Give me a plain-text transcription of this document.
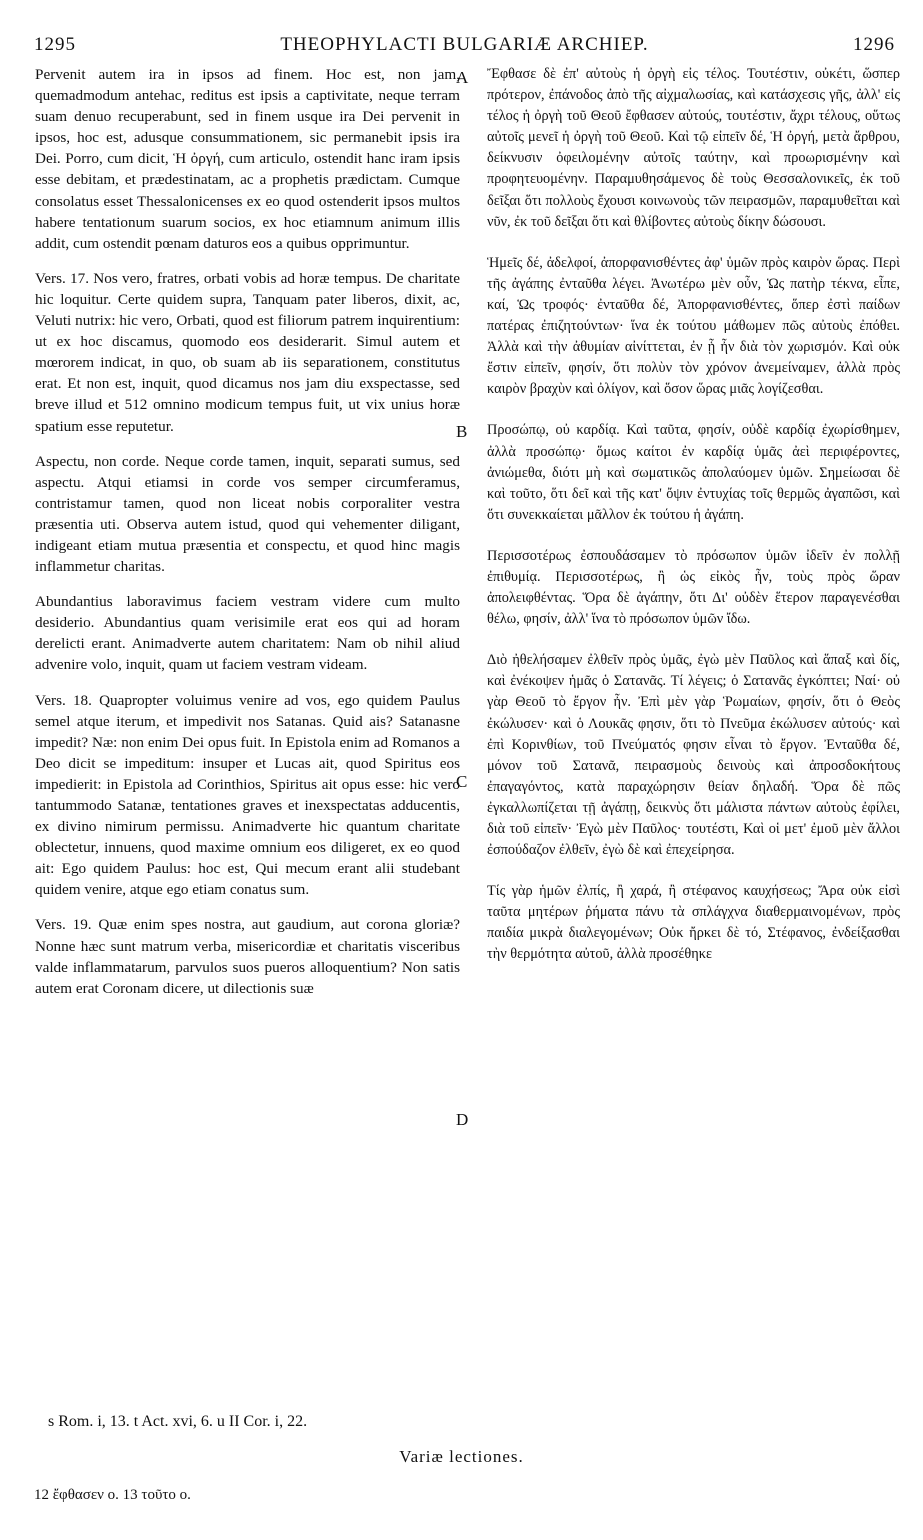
1295	THEOPHYLACTI BULGARIÆ ARCHIEP.	1296

Pervenit autem ira in ipsos ad finem. Hoc est, non jam, quemadmodum antehac, reditus est ipsis a captivitate, neque terram suam denuo recuperabunt, sed in finem usque ira Dei pervenit in ipsos, hoc est, adusque consummationem, sic permanebit ipsis ira Dei. Porro, cum dicit, Ἡ ὀργή, cum articulo, ostendit hanc iram ipsis esse debitam, et prædestinatam, ac a prophetis prædictam. Cumque consolatus esset Thessalonicenses ex eo quod ostenderit ipsos multos habere tentationum suarum socios, ex hoc etiamnum animum illis addit, cum ostendit pœnam daturos eos a quibus opprimuntur.

Vers. 17. Nos vero, fratres, orbati vobis ad horæ tempus. De charitate hic loquitur. Certe quidem supra, Tanquam pater liberos, dixit, ac, Veluti nutrix: hic vero, Orbati, quod est filiorum patrem inquirentium: ut ex hoc discamus, quomodo eos desiderarit. Simul autem et mœrorem indicat, in quo, ob suam ab iis separationem, constitutus erat. Et non est, inquit, quod dicamus nos jam diu exspectasse, sed breve illud et 512 omnino modicum tempus fuit, ut vix unius horæ spatium esse reputetur.

Aspectu, non corde. Neque corde tamen, inquit, separati sumus, sed aspectu. Atqui etiamsi in corde vos semper circumferamus, contristamur tamen, quod non liceat nobis corporaliter vestra præsentia uti. Observa autem istud, quod qui vehementer diligant, indigeant etiam mutua præsentia et conspectu, et quod hinc magis inflammetur charitas.

Abundantius laboravimus faciem vestram videre cum multo desiderio. Abundantius quam verisimile erat eos qui ad horam derelicti erant. Animadverte autem charitatem: Nam ob nihil aliud advenire volo, inquit, quam ut faciem vestram videam.

Vers. 18. Quapropter voluimus venire ad vos, ego quidem Paulus semel atque iterum, et impedivit nos Satanas. Quid ais? Satanasne impedit? Næ: non enim Dei opus fuit. In Epistola enim ad Romanos a Deo dicit se impeditum: insuper et Lucas ait, quod Spiritus eos impedierit: in Epistola ad Corinthios, Spiritus ait opus esse: hic vero tantummodo Satanæ, tentationes graves et inexspectatas adducentis, ex divino nimirum permissu. Animadverte hic quantum charitate oblectetur, innuens, quod maxime omnium eos diligeret, ex eo quod ait: Ego quidem Paulus: hoc est, Qui mecum erant alii studebant quidem venire, atque ego etiam conatus sum.

Vers. 19. Quæ enim spes nostra, aut gaudium, aut corona gloriæ? Nonne hæc sunt matrum verba, misericordiæ et charitatis visceribus valde inflammatarum, parvulos suos pueros alloquentium? Non satis autem erat Coronam dicere, ut dilectionis suæ

A
B
C
D

Ἔφθασε δὲ ἐπ' αὐτοὺς ἡ ὀργὴ εἰς τέλος. Τουτέστιν, οὐκέτι, ὥσπερ πρότερον, ἐπάνοδος ἀπὸ τῆς αἰχμαλωσίας, καὶ κατάσχεσις γῆς, ἀλλ' εἰς τέλος ἡ ὀργὴ τοῦ Θεοῦ ἔφθασεν αὐτούς, τουτέστιν, ἄχρι τέλους, οὕτως αὐτοῖς μενεῖ ἡ ὀργὴ τοῦ Θεοῦ. Καὶ τῷ εἰπεῖν δέ, Ἡ ὀργή, μετὰ ἄρθρου, δείκνυσιν ὀφειλομένην αὐτοῖς ταύτην, καὶ προωρισμένην καὶ προφητευομένην. Παραμυθησάμενος δὲ τοὺς Θεσσαλονικεῖς, ἐκ τοῦ δεῖξαι ὅτι πολλοὺς ἔχουσι κοινωνοὺς τῶν πειρασμῶν, παραμυθεῖται καὶ νῦν, ἐκ τοῦ δεῖξαι ὅτι καὶ θλίβοντες αὐτοὺς δίκην δώσουσι.

Ἡμεῖς δέ, ἀδελφοί, ἀπορφανισθέντες ἀφ' ὑμῶν πρὸς καιρὸν ὥρας. Περὶ τῆς ἀγάπης ἐνταῦθα λέγει. Ἀνωτέρω μὲν οὖν, Ὡς πατὴρ τέκνα, εἶπε, καί, Ὡς τροφός· ἐνταῦθα δέ, Ἀπορφανισθέντες, ὅπερ ἐστὶ παίδων πατέρας ἐπιζητούντων· ἵνα ἐκ τούτου μάθωμεν πῶς αὐτοὺς ἐπόθει. Ἀλλὰ καὶ τὴν ἀθυμίαν αἰνίττεται, ἐν ᾗ ἦν διὰ τὸν χωρισμόν. Καὶ οὐκ ἔστιν εἰπεῖν, φησίν, ὅτι πολὺν τὸν χρόνον ἀνεμείναμεν, ἀλλὰ πρὸς καιρὸν βραχὺν καὶ ὀλίγον, καὶ ὅσον ὥρας μιᾶς λογίζεσθαι.

Προσώπῳ, οὐ καρδίᾳ. Καὶ ταῦτα, φησίν, οὐδὲ καρδίᾳ ἐχωρίσθημεν, ἀλλὰ προσώπῳ· ὅμως καίτοι ἐν καρδίᾳ ὑμᾶς ἀεὶ περιφέροντες, ἀνιώμεθα, διότι μὴ καὶ σωματικῶς ἀπολαύομεν ὑμῶν. Σημείωσαι δὲ καὶ τοῦτο, ὅτι δεῖ καὶ τῆς κατ' ὄψιν ἐντυχίας τοῖς θερμῶς ἀγαπῶσι, καὶ ὅτι συνεκκαίεται μᾶλλον ἐκ τούτου ἡ ἀγάπη.

Περισσοτέρως ἐσπουδάσαμεν τὸ πρόσωπον ὑμῶν ἰδεῖν ἐν πολλῇ ἐπιθυμίᾳ. Περισσοτέρως, ἢ ὡς εἰκὸς ἦν, τοὺς πρὸς ὥραν ἀπολειφθέντας. Ὅρα δὲ ἀγάπην, ὅτι Δι' οὐδὲν ἕτερον παραγενέσθαι θέλω, φησίν, ἀλλ' ἵνα τὸ πρόσωπον ὑμῶν ἴδω.

Διὸ ἠθελήσαμεν ἐλθεῖν πρὸς ὑμᾶς, ἐγὼ μὲν Παῦλος καὶ ἅπαξ καὶ δίς, καὶ ἐνέκοψεν ἡμᾶς ὁ Σατανᾶς. Τί λέγεις; ὁ Σατανᾶς ἐγκόπτει; Ναί· οὐ γὰρ Θεοῦ τὸ ἔργον ἦν. Ἐπὶ μὲν γὰρ Ῥωμαίων, φησίν, ὅτι ὁ Θεὸς ἐκώλυσεν· καὶ ὁ Λουκᾶς φησιν, ὅτι τὸ Πνεῦμα ἐκώλυσεν αὐτούς· καὶ ἐπὶ Κορινθίων, τοῦ Πνεύματός φησιν εἶναι τὸ ἔργον. Ἐνταῦθα δέ, μόνον τοῦ Σατανᾶ, πειρασμοὺς δεινοὺς καὶ ἀπροσδοκήτους ἐπαγαγόντος, κατὰ παραχώρησιν θείαν δηλαδή. Ὅρα δὲ πῶς ἐγκαλλωπίζεται τῇ ἀγάπῃ, δεικνὺς ὅτι μάλιστα πάντων αὐτοὺς ἐφίλει, διὰ τοῦ εἰπεῖν· Ἐγὼ μὲν Παῦλος· τουτέστι, Καὶ οἱ μετ' ἐμοῦ μὲν ἄλλοι ἐσπούδαζον ἐλθεῖν, ἐγὼ δὲ καὶ ἐπεχείρησα.

Τίς γὰρ ἡμῶν ἐλπίς, ἢ χαρά, ἢ στέφανος καυχήσεως; Ἄρα οὐκ εἰσὶ ταῦτα μητέρων ῥήματα πάνυ τὰ σπλάγχνα διαθερμαινομένων, πρὸς παιδία μικρὰ διαλεγομένων; Οὐκ ἤρκει δὲ τό, Στέφανος, ἐνδείξασθαι τὴν θερμότητα αὐτοῦ, ἀλλὰ προσέθηκε

s Rom. i, 13. t Act. xvi, 6. u II Cor. i, 22.
Variæ lectiones.
12 ἔφθασεν ο. 13 τοῦτο ο.
